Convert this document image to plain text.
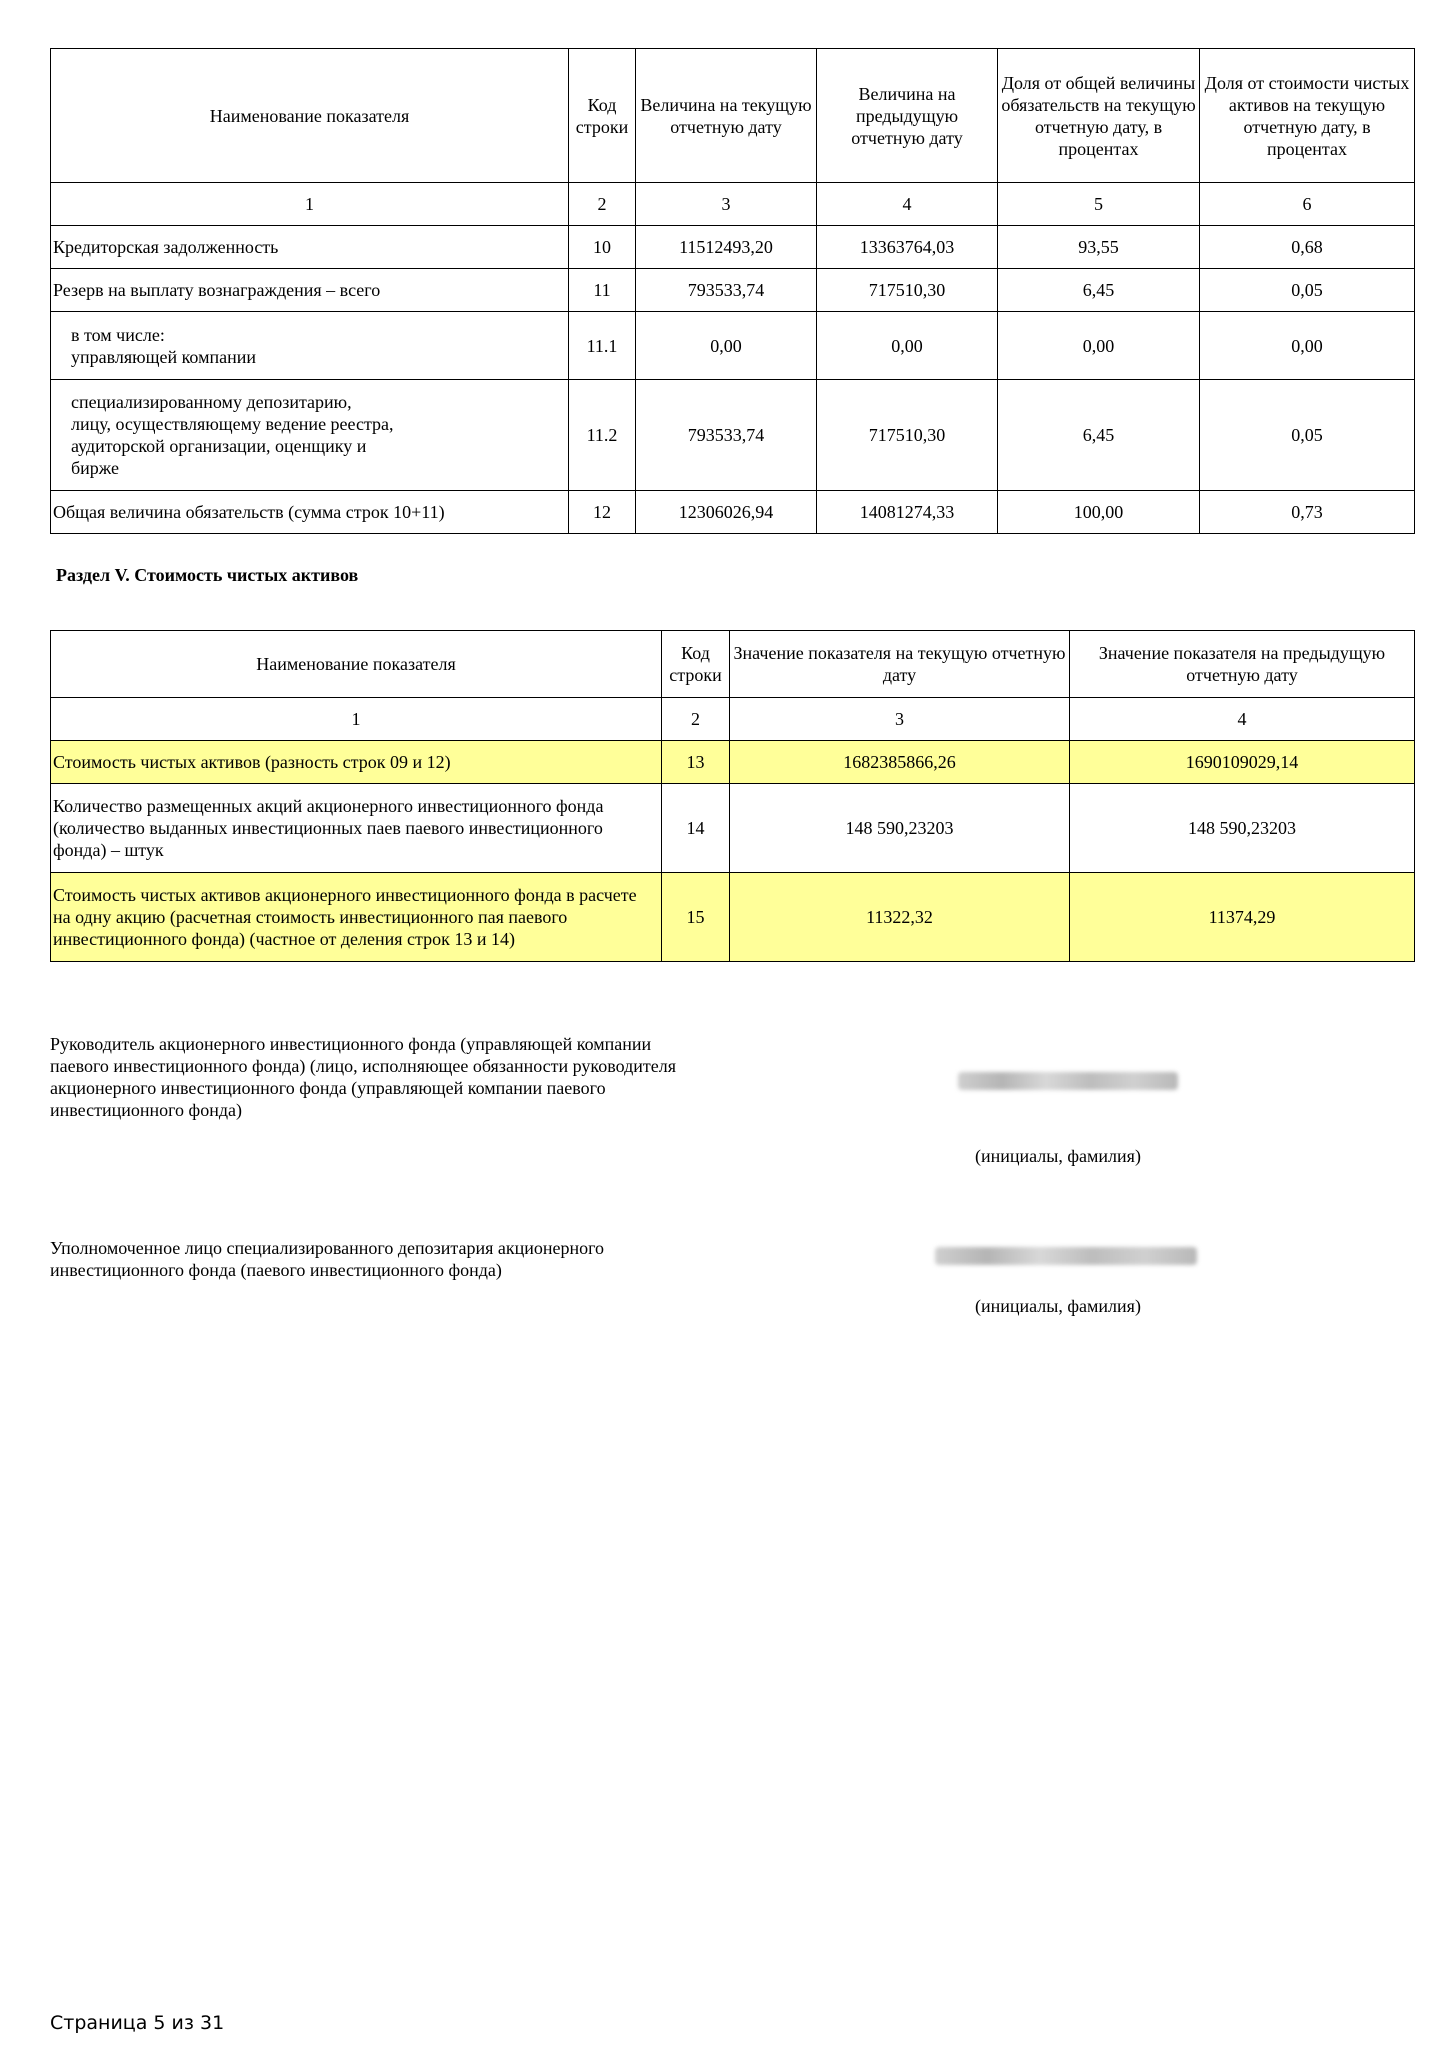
Наименование показателя	Код строки	Величина на текущую отчетную дату	Величина на предыдущую отчетную дату	Доля от общей величины обязательств на текущую отчетную дату, в процентах	Доля от стоимости чистых активов на текущую отчетную дату, в процентах
1	2	3	4	5	6
Кредиторская задолженность	10	11512493,20	13363764,03	93,55	0,68
Резерв на выплату вознаграждения – всего	11	793533,74	717510,30	6,45	0,05
в том числе:
управляющей компании	11.1	0,00	0,00	0,00	0,00
специализированному депозитарию,
лицу, осуществляющему ведение реестра,
аудиторской организации, оценщику и
бирже	11.2	793533,74	717510,30	6,45	0,05
Общая величина обязательств (сумма строк 10+11)	12	12306026,94	14081274,33	100,00	0,73
Раздел V. Стоимость чистых активов
Наименование показателя	Код строки	Значение показателя на текущую отчетную дату	Значение показателя на предыдущую отчетную дату
1	2	3	4
Стоимость чистых активов (разность строк 09 и 12)	13	1682385866,26	1690109029,14
Количество размещенных акций акционерного инвестиционного фонда (количество выданных инвестиционных паев паевого инвестиционного фонда) – штук	14	148 590,23203	148 590,23203
Стоимость чистых активов акционерного инвестиционного фонда в расчете на одну акцию (расчетная стоимость инвестиционного пая паевого инвестиционного фонда) (частное от деления строк 13 и 14)	15	11322,32	11374,29
Руководитель акционерного инвестиционного фонда (управляющей компании паевого инвестиционного фонда) (лицо, исполняющее обязанности руководителя акционерного инвестиционного фонда (управляющей компании паевого инвестиционного фонда)
(инициалы, фамилия)
Уполномоченное лицо специализированного депозитария акционерного инвестиционного фонда (паевого инвестиционного фонда)
(инициалы, фамилия)
Страница 5 из 31
